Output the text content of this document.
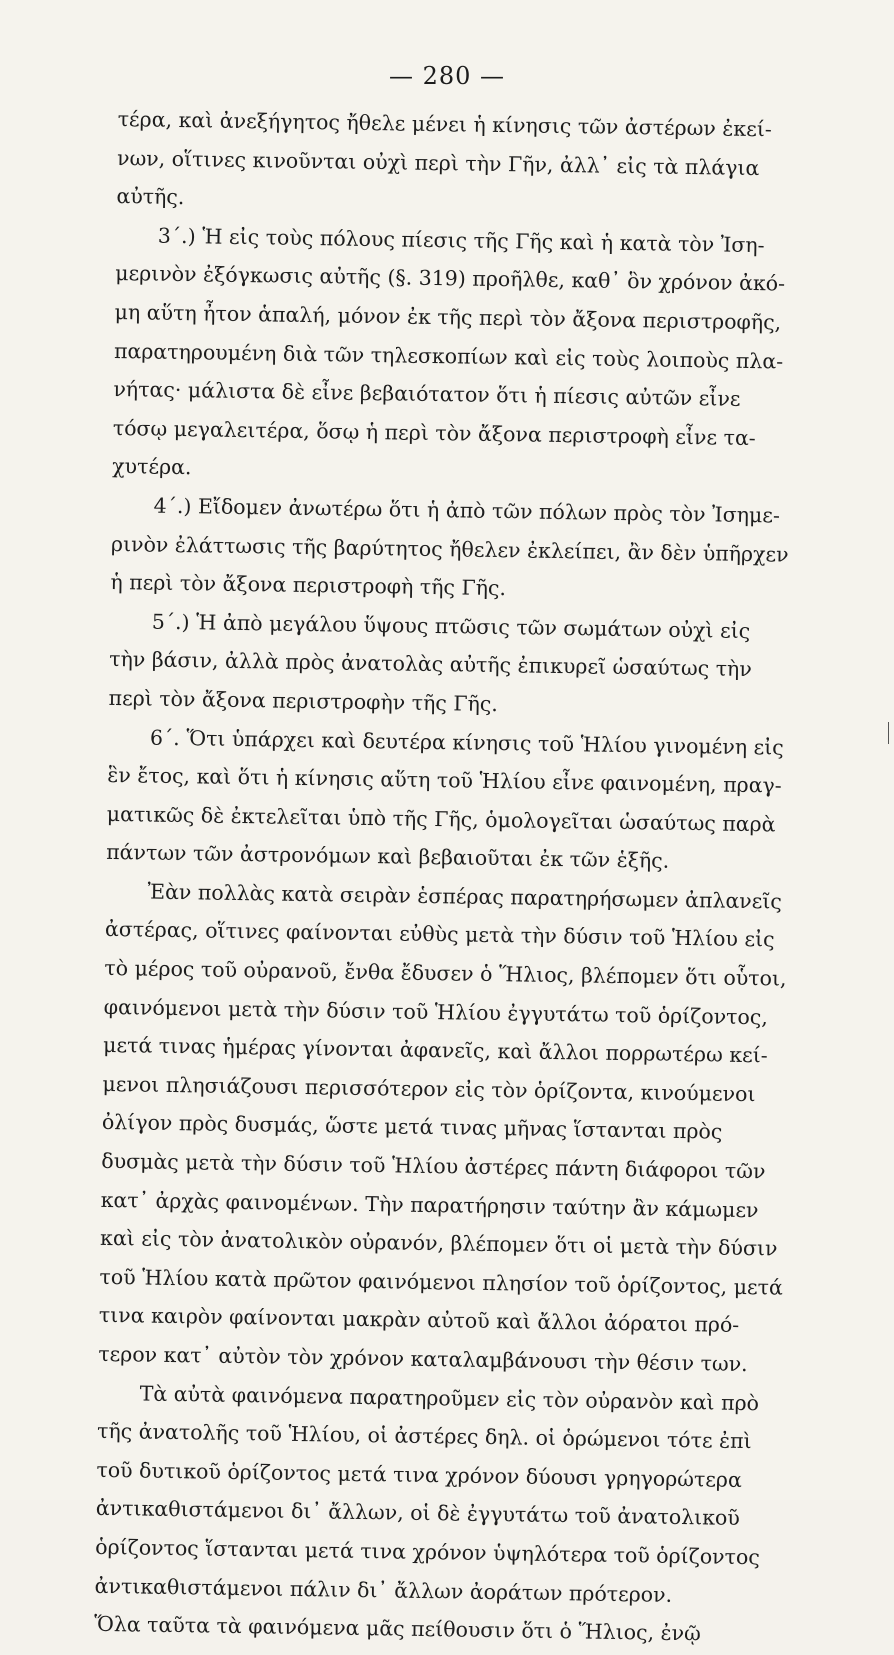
— 280 —
τέρα, καὶ ἀνεξήγητος ἤθελε μένει ἡ κίνησις τῶν ἀστέρων ἐκεί-
νων, οἵτινες κινοῦνται οὐχὶ περὶ τὴν Γῆν, ἀλλ᾽ εἰς τὰ πλάγια
αὐτῆς.
3΄.) Ἡ εἰς τοὺς πόλους πίεσις τῆς Γῆς καὶ ἡ κατὰ τὸν Ἰση-
μερινὸν ἐξόγκωσις αὐτῆς (§. 319) προῆλθε, καθ᾽ ὃν χρόνον ἀκό-
μη αὕτη ἦτον ἁπαλή, μόνον ἐκ τῆς περὶ τὸν ἄξονα περιστροφῆς,
παρατηρουμένη διὰ τῶν τηλεσκοπίων καὶ εἰς τοὺς λοιποὺς πλα-
νήτας· μάλιστα δὲ εἶνε βεβαιότατον ὅτι ἡ πίεσις αὐτῶν εἶνε
τόσῳ μεγαλειτέρα, ὅσῳ ἡ περὶ τὸν ἄξονα περιστροφὴ εἶνε τα-
χυτέρα.
4΄.) Εἴδομεν ἀνωτέρω ὅτι ἡ ἀπὸ τῶν πόλων πρὸς τὸν Ἰσημε-
ρινὸν ἐλάττωσις τῆς βαρύτητος ἤθελεν ἐκλείπει, ἂν δὲν ὑπῆρχεν
ἡ περὶ τὸν ἄξονα περιστροφὴ τῆς Γῆς.
5΄.) Ἡ ἀπὸ μεγάλου ὕψους πτῶσις τῶν σωμάτων οὐχὶ εἰς
τὴν βάσιν, ἀλλὰ πρὸς ἀνατολὰς αὐτῆς ἐπικυρεῖ ὡσαύτως τὴν
περὶ τὸν ἄξονα περιστροφὴν τῆς Γῆς.
6΄. Ὅτι ὑπάρχει καὶ δευτέρα κίνησις τοῦ Ἡλίου γινομένη εἰς
ἓν ἔτος, καὶ ὅτι ἡ κίνησις αὕτη τοῦ Ἡλίου εἶνε φαινομένη, πραγ-
ματικῶς δὲ ἐκτελεῖται ὑπὸ τῆς Γῆς, ὁμολογεῖται ὡσαύτως παρὰ
πάντων τῶν ἀστρονόμων καὶ βεβαιοῦται ἐκ τῶν ἑξῆς.
Ἐὰν πολλὰς κατὰ σειρὰν ἑσπέρας παρατηρήσωμεν ἀπλανεῖς
ἀστέρας, οἵτινες φαίνονται εὐθὺς μετὰ τὴν δύσιν τοῦ Ἡλίου εἰς
τὸ μέρος τοῦ οὐρανοῦ, ἔνθα ἔδυσεν ὁ Ἥλιος, βλέπομεν ὅτι οὗτοι,
φαινόμενοι μετὰ τὴν δύσιν τοῦ Ἡλίου ἐγγυτάτω τοῦ ὁρίζοντος,
μετά τινας ἡμέρας γίνονται ἀφανεῖς, καὶ ἄλλοι πορρωτέρω κεί-
μενοι πλησιάζουσι περισσότερον εἰς τὸν ὁρίζοντα, κινούμενοι
ὀλίγον πρὸς δυσμάς, ὥστε μετά τινας μῆνας ἵστανται πρὸς
δυσμὰς μετὰ τὴν δύσιν τοῦ Ἡλίου ἀστέρες πάντη διάφοροι τῶν
κατ᾽ ἀρχὰς φαινομένων. Τὴν παρατήρησιν ταύτην ἂν κάμωμεν
καὶ εἰς τὸν ἀνατολικὸν οὐρανόν, βλέπομεν ὅτι οἱ μετὰ τὴν δύσιν
τοῦ Ἡλίου κατὰ πρῶτον φαινόμενοι πλησίον τοῦ ὁρίζοντος, μετά
τινα καιρὸν φαίνονται μακρὰν αὐτοῦ καὶ ἄλλοι ἀόρατοι πρό-
τερον κατ᾽ αὐτὸν τὸν χρόνον καταλαμβάνουσι τὴν θέσιν των.
Τὰ αὐτὰ φαινόμενα παρατηροῦμεν εἰς τὸν οὐρανὸν καὶ πρὸ
τῆς ἀνατολῆς τοῦ Ἡλίου, οἱ ἀστέρες δηλ. οἱ ὁρώμενοι τότε ἐπὶ
τοῦ δυτικοῦ ὁρίζοντος μετά τινα χρόνον δύουσι γρηγορώτερα
ἀντικαθιστάμενοι δι᾽ ἄλλων, οἱ δὲ ἐγγυτάτω τοῦ ἀνατολικοῦ
ὁρίζοντος ἵστανται μετά τινα χρόνον ὑψηλότερα τοῦ ὁρίζοντος
ἀντικαθιστάμενοι πάλιν δι᾽ ἄλλων ἀοράτων πρότερον.
Ὅλα ταῦτα τὰ φαινόμενα μᾶς πείθουσιν ὅτι ὁ Ἥλιος, ἐνῷ
